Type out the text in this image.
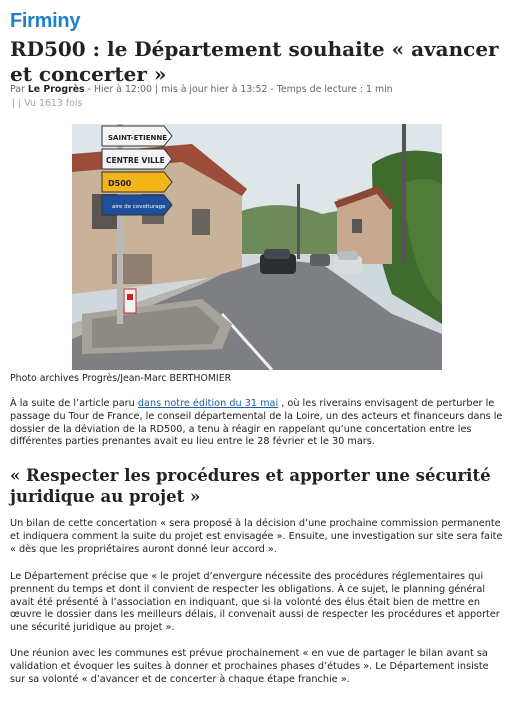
Firminy
RD500 : le Département souhaite « avancer et concerter »
Par Le Progrès - Hier à 12:00 | mis à jour hier à 13:52 - Temps de lecture : 1 min
| | Vu 1613 fois
SAINT-ETIENNE
CENTRE VILLE
D500
aire de covoiturage
Photo archives Progrès/Jean-Marc BERTHOMIER

À la suite de l’article paru dans notre édition du 31 mai , où les riverains envisagent de perturber le passage du Tour de France, le conseil départemental de la Loire, un des acteurs et financeurs dans le dossier de la déviation de la RD500, a tenu à réagir en rappelant qu’une concertation entre les différentes parties prenantes avait eu lieu entre le 28 février et le 30 mars.

« Respecter les procédures et apporter une sécurité juridique au projet »

Un bilan de cette concertation « sera proposé à la décision d’une prochaine commission permanente et indiquera comment la suite du projet est envisagée ». Ensuite, une investigation sur site sera faite « dès que les propriétaires auront donné leur accord ».

Le Département précise que « le projet d’envergure nécessite des procédures réglementaires qui prennent du temps et dont il convient de respecter les obligations. À ce sujet, le planning général avait été présenté à l’association en indiquant, que si la volonté des élus était bien de mettre en œuvre le dossier dans les meilleurs délais, il convenait aussi de respecter les procédures et apporter une sécurité juridique au projet ».

Une réunion avec les communes est prévue prochainement « en vue de partager le bilan avant sa validation et évoquer les suites à donner et prochaines phases d’études ». Le Département insiste sur sa volonté « d’avancer et de concerter à chaque étape franchie ».
